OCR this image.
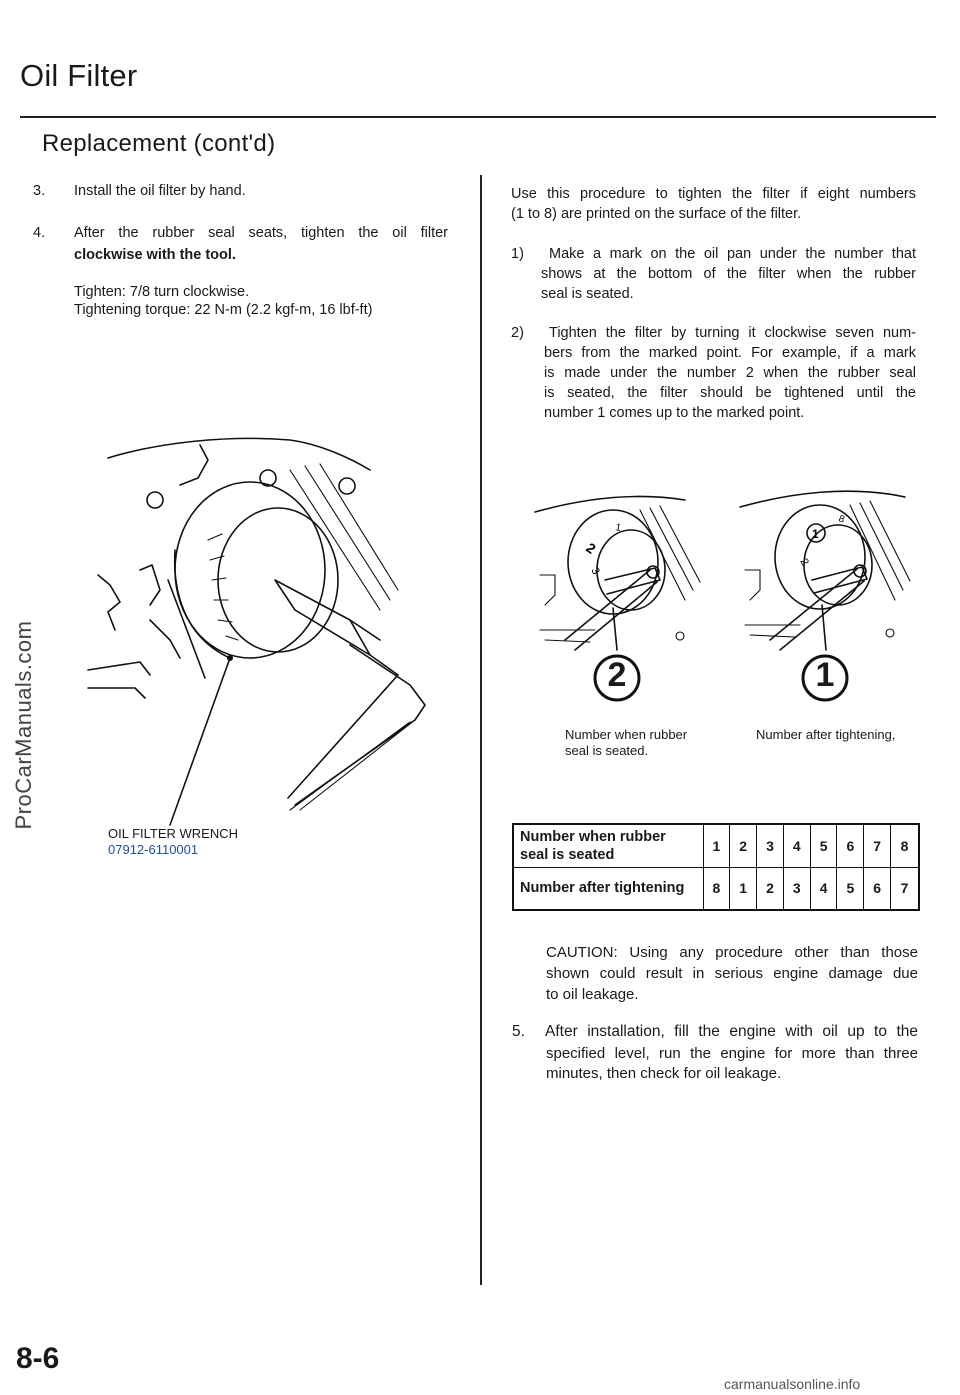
Oil Filter
Replacement (cont'd)
ProCarManuals.com
3. Install the oil filter by hand.
4. After the rubber seal seats, tighten the oil filter
clockwise with the tool.
Tighten: 7/8 turn clockwise.
Tightening torque: 22 N-m (2.2 kgf-m, 16 lbf-ft)
OIL FILTER WRENCH
07912-6110001
Use this procedure to tighten the filter if eight numbers
(1 to 8) are printed on the surface of the filter.
1) Make a mark on the oil pan under the number that
shows at the bottom of the filter when the rubber
seal is seated.
2) Tighten the filter by turning it clockwise seven num-
bers from the marked point. For example, if a mark
is made under the number 2 when the rubber seal
is seated, the filter should be tightened until the
number 1 comes up to the marked point.
2
3
1	1
8
2
2	1
Number when rubber
seal is seated.
Number after tightening,
Number when rubber
seal is seated	1	2	3	4	5	6	7	8
Number after tightening	8	1	2	3	4	5	6	7
CAUTION: Using any procedure other than those
shown could result in serious engine damage due
to oil leakage.
5. After installation, fill the engine with oil up to the
specified level, run the engine for more than three
minutes, then check for oil leakage.
8-6
carmanualsonline.info
